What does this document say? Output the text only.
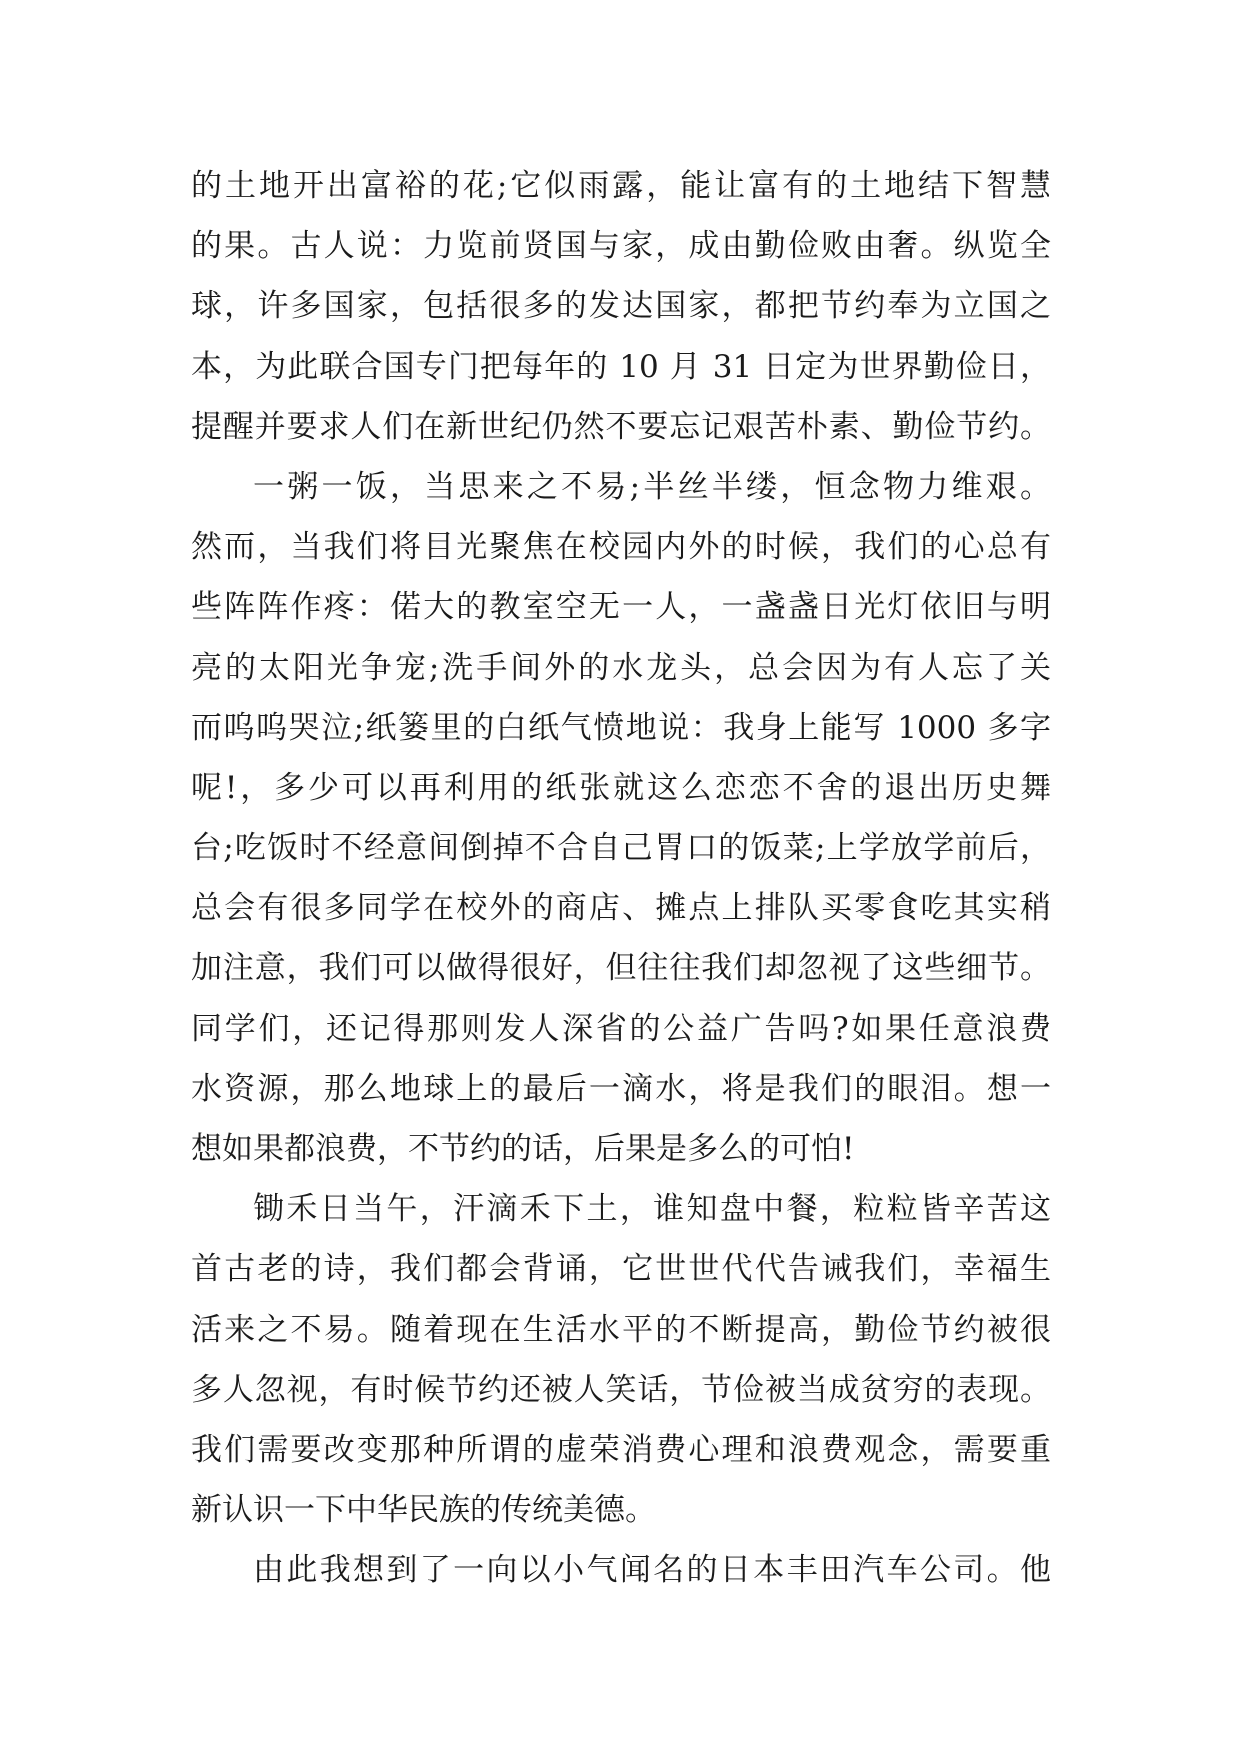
的土地开出富裕的花;它似雨露，能让富有的土地结下智慧
的果。古人说：力览前贤国与家，成由勤俭败由奢。纵览全
球，许多国家，包括很多的发达国家，都把节约奉为立国之
本，为此联合国专门把每年的 10 月 31 日定为世界勤俭日，
提醒并要求人们在新世纪仍然不要忘记艰苦朴素、勤俭节约。
一粥一饭，当思来之不易;半丝半缕，恒念物力维艰。
然而，当我们将目光聚焦在校园内外的时候，我们的心总有
些阵阵作疼：偌大的教室空无一人，一盏盏日光灯依旧与明
亮的太阳光争宠;洗手间外的水龙头，总会因为有人忘了关
而呜呜哭泣;纸篓里的白纸气愤地说：我身上能写 1000 多字
呢!，多少可以再利用的纸张就这么恋恋不舍的退出历史舞
台;吃饭时不经意间倒掉不合自己胃口的饭菜;上学放学前后，
总会有很多同学在校外的商店、摊点上排队买零食吃其实稍
加注意，我们可以做得很好，但往往我们却忽视了这些细节。
同学们，还记得那则发人深省的公益广告吗?如果任意浪费
水资源，那么地球上的最后一滴水，将是我们的眼泪。想一
想如果都浪费，不节约的话，后果是多么的可怕!
锄禾日当午，汗滴禾下土，谁知盘中餐，粒粒皆辛苦这
首古老的诗，我们都会背诵，它世世代代告诫我们，幸福生
活来之不易。随着现在生活水平的不断提高，勤俭节约被很
多人忽视，有时候节约还被人笑话，节俭被当成贫穷的表现。
我们需要改变那种所谓的虚荣消费心理和浪费观念，需要重
新认识一下中华民族的传统美德。
由此我想到了一向以小气闻名的日本丰田汽车公司。他
